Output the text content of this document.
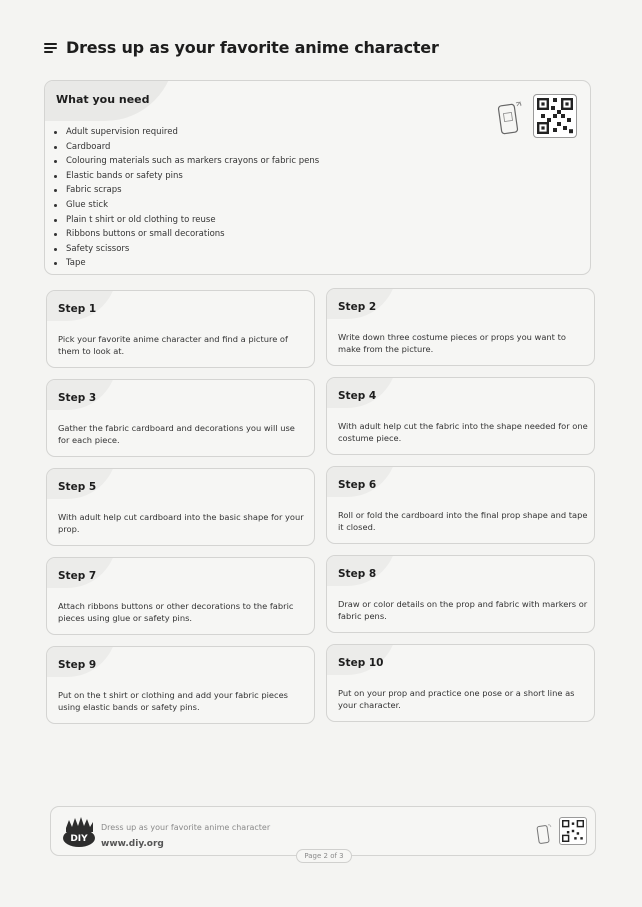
Dress up as your favorite anime character
What you need
Adult supervision required
Cardboard
Colouring materials such as markers crayons or fabric pens
Elastic bands or safety pins
Fabric scraps
Glue stick
Plain t shirt or old clothing to reuse
Ribbons buttons or small decorations
Safety scissors
Tape
Step 1

Pick your favorite anime character and find a picture of them to look at.

Step 2

Write down three costume pieces or props you want to make from the picture.

Step 3

Gather the fabric cardboard and decorations you will use for each piece.

Step 4

With adult help cut the fabric into the shape needed for one costume piece.

Step 5

With adult help cut cardboard into the basic shape for your prop.

Step 6

Roll or fold the cardboard into the final prop shape and tape it closed.

Step 7

Attach ribbons buttons or other decorations to the fabric pieces using glue or safety pins.

Step 8

Draw or color details on the prop and fabric with markers or fabric pens.

Step 9

Put on the t shirt or clothing and add your fabric pieces using elastic bands or safety pins.

Step 10

Put on your prop and practice one pose or a short line as your character.

DIY
Dress up as your favorite anime character
www.diy.org
Page 2 of 3
